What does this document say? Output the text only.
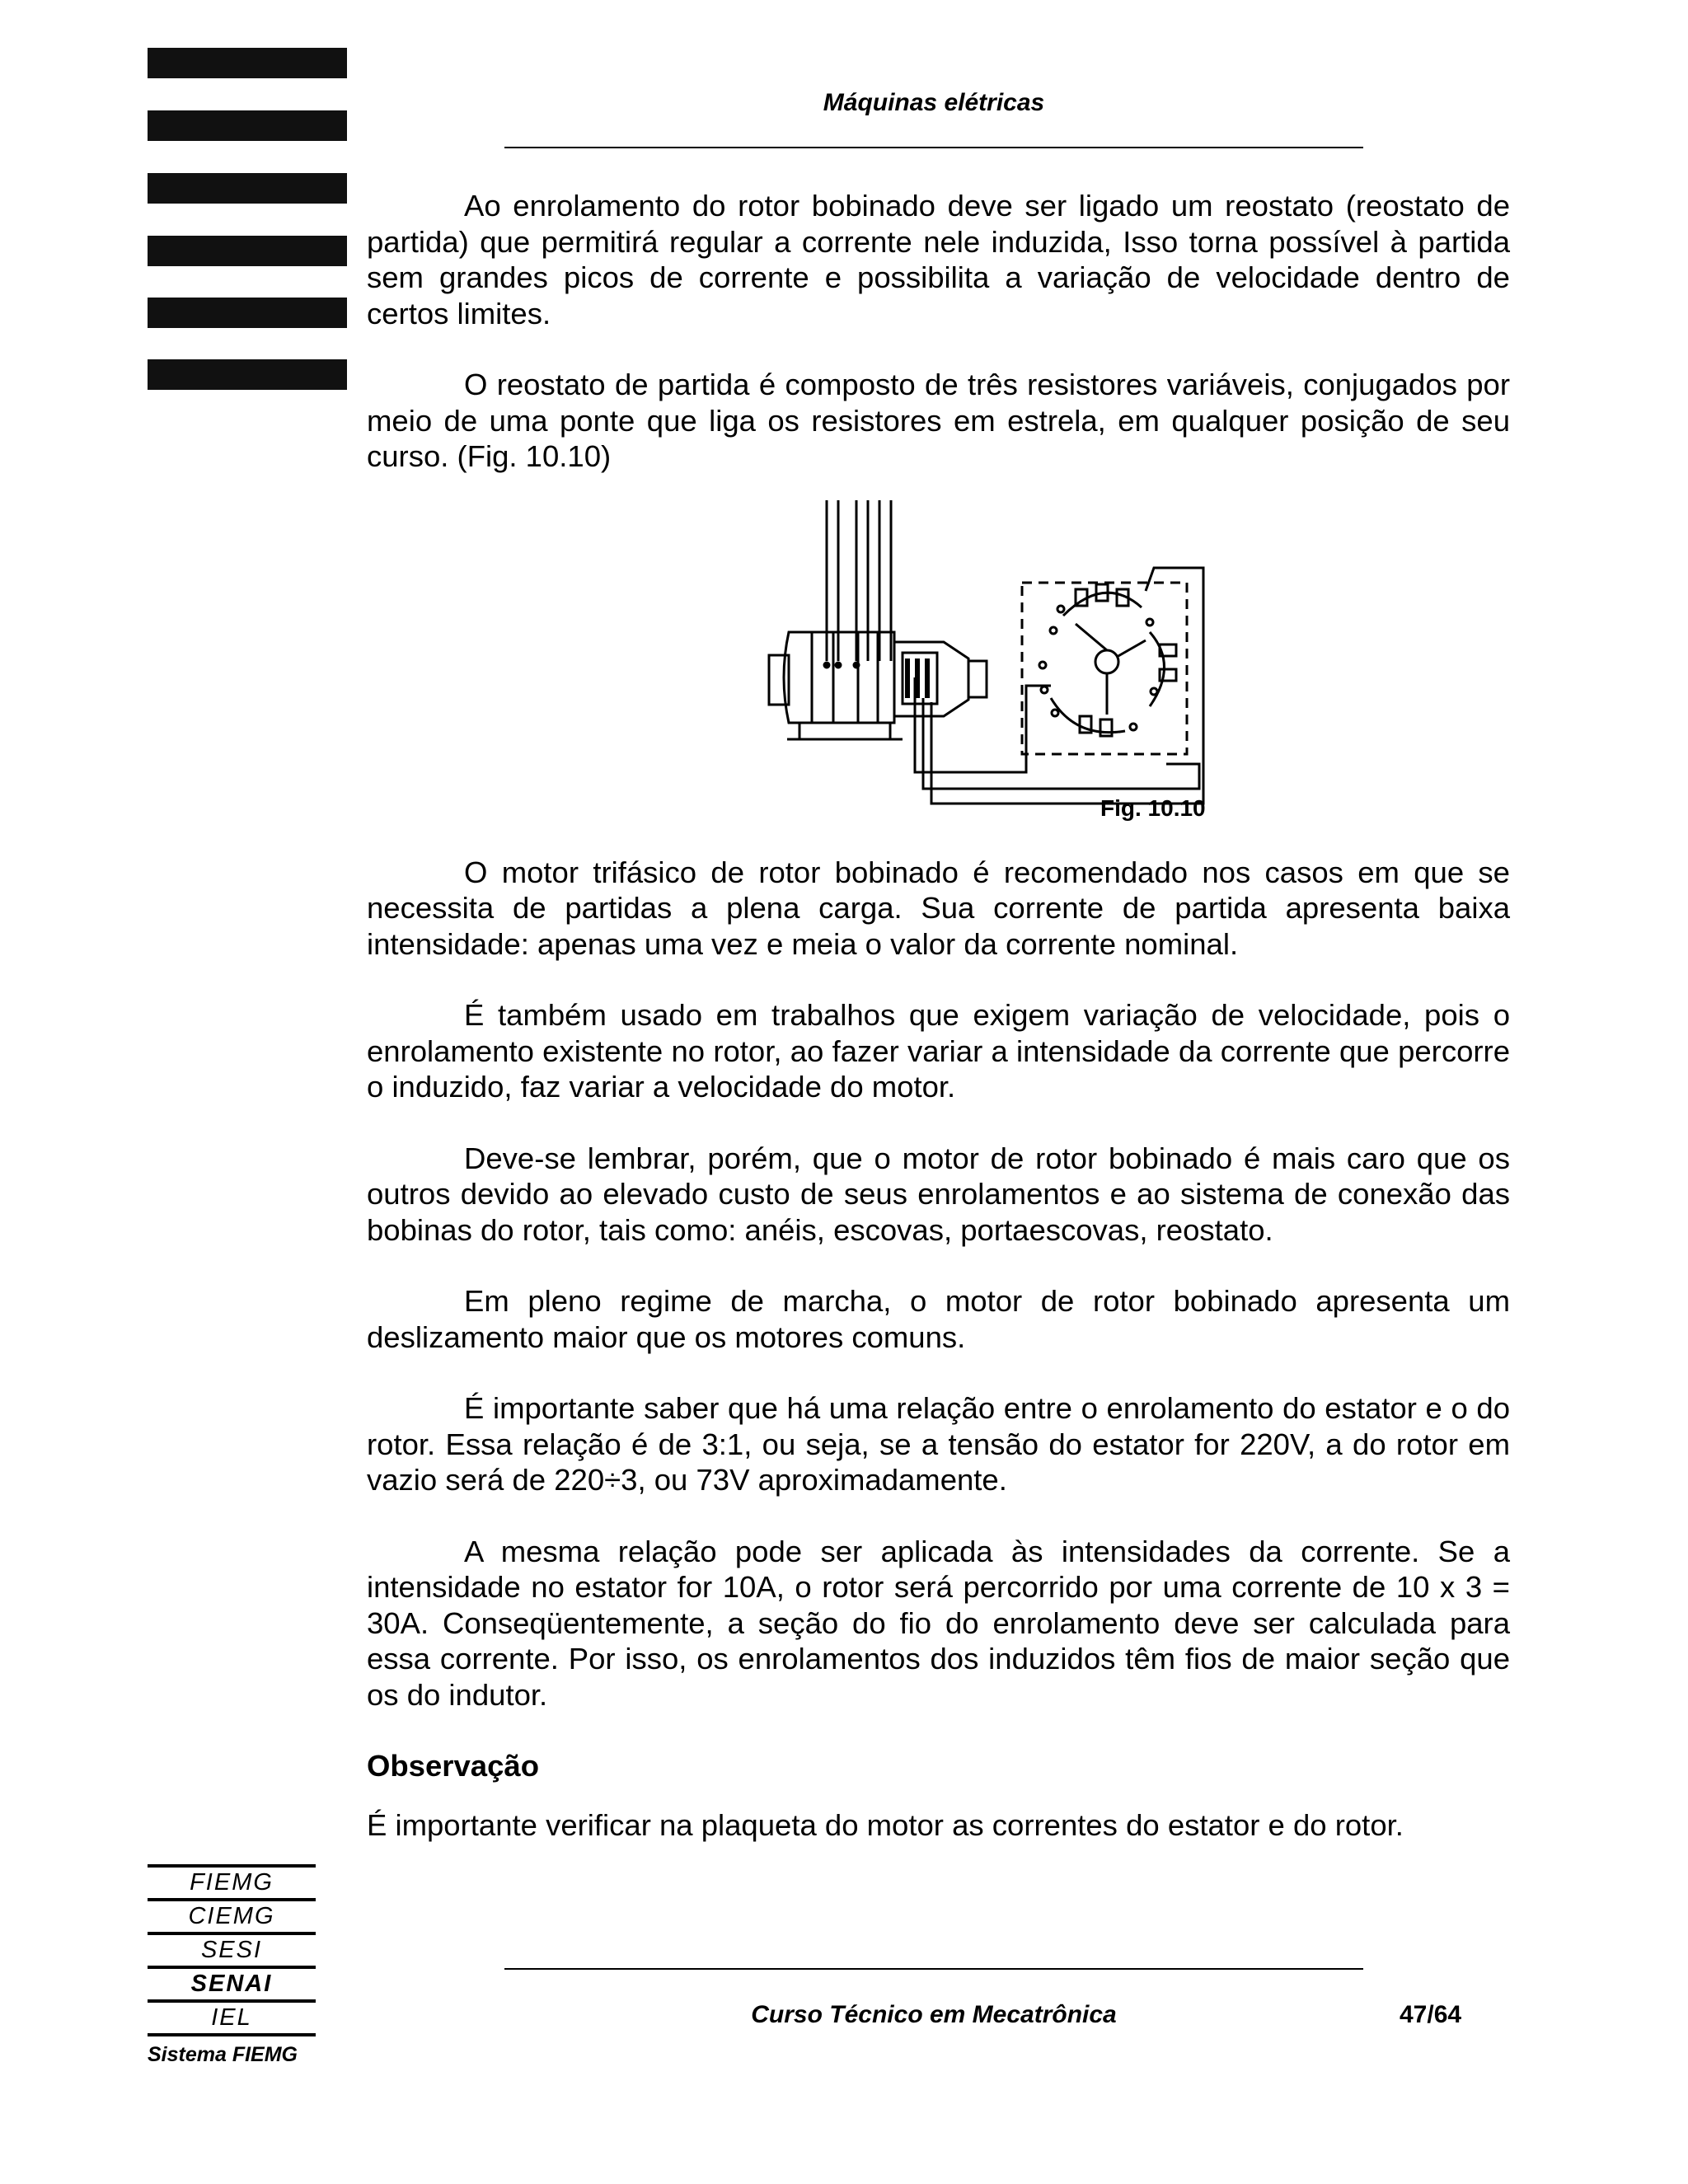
Máquinas elétricas

Ao enrolamento do rotor bobinado deve ser ligado um reostato (reostato de partida) que permitirá regular a corrente nele induzida, Isso torna possível à partida sem grandes picos de corrente e possibilita a variação de velocidade dentro de certos limites.

O reostato de partida é composto de três resistores variáveis, conjugados por meio de uma ponte que liga os resistores em estrela, em qualquer posição de seu curso. (Fig. 10.10)

Fig. 10.10

O motor trifásico de rotor bobinado é recomendado nos casos em que se necessita de partidas a plena carga. Sua corrente de partida apresenta baixa intensidade: apenas uma vez e meia o valor da corrente nominal.

É também usado em trabalhos que exigem variação de velocidade, pois o enrolamento existente no rotor, ao fazer variar a intensidade da corrente que percorre o induzido, faz variar a velocidade do motor.

Deve-se lembrar, porém, que o motor de rotor bobinado é mais caro que os outros devido ao elevado custo de seus enrolamentos e ao sistema de conexão das bobinas do rotor, tais como: anéis, escovas, portaescovas, reostato.

Em pleno regime de marcha, o motor de rotor bobinado apresenta um deslizamento maior que os motores comuns.

É importante saber que há uma relação entre o enrolamento do estator e o do rotor. Essa relação é de 3:1, ou seja, se a tensão do estator for 220V, a do rotor em vazio será de 220÷3, ou 73V aproximadamente.

A mesma relação pode ser aplicada às intensidades da corrente. Se a intensidade no estator for 10A, o rotor será percorrido por uma corrente de 10 x 3 = 30A. Conseqüentemente, a seção do fio do enrolamento deve ser calculada para essa corrente. Por isso, os enrolamentos dos induzidos têm fios de maior seção que os do indutor.

Observação
É importante verificar na plaqueta do motor as correntes do estator e do rotor.
FIEMG
CIEMG
SESI
SENAI
IEL
Sistema FIEMG
Curso Técnico em Mecatrônica	47/64
